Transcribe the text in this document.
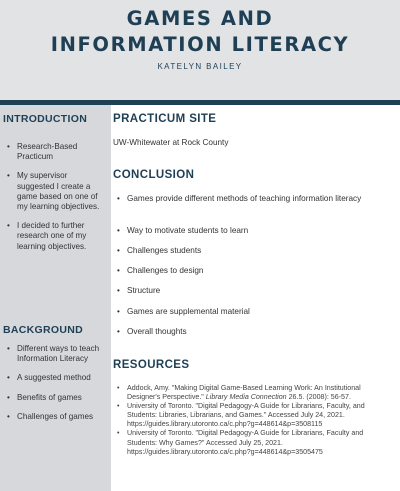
GAMES AND
INFORMATION LITERACY
KATELYN BAILEY
INTRODUCTION
• Research-Based Practicum
• My supervisor suggested I create a game based on one of my learning objectives.
• I decided to further research one of my learning objectives.
BACKGROUND
• Different ways to teach Information Literacy
• A suggested method
• Benefits of games
• Challenges of games
PRACTICUM SITE
UW-Whitewater at Rock County
CONCLUSION
• Games provide different methods of teaching information literacy
• Way to motivate students to learn
• Challenges students
• Challenges to design
• Structure
• Games are supplemental material
• Overall thoughts
RESOURCES
• Addock, Amy. "Making Digital Game-Based Learning Work: An Institutional Designer's Perspective." Library Media Connection 26.5. (2008): 56-57.
• University of Toronto. "Digital Pedagogy-A Guide for Librarians, Faculty, and Students: Libraries, Librarians, and Games." Accessed July 24, 2021. https://guides.library.utoronto.ca/c.php?g=448614&p=3508115
• University of Toronto. "Digital Pedagogy-A Guide for Librarians, Faculty and Students: Why Games?" Accessed July 25, 2021. https://guides.library.utoronto.ca/c.php?g=448614&p=3505475
